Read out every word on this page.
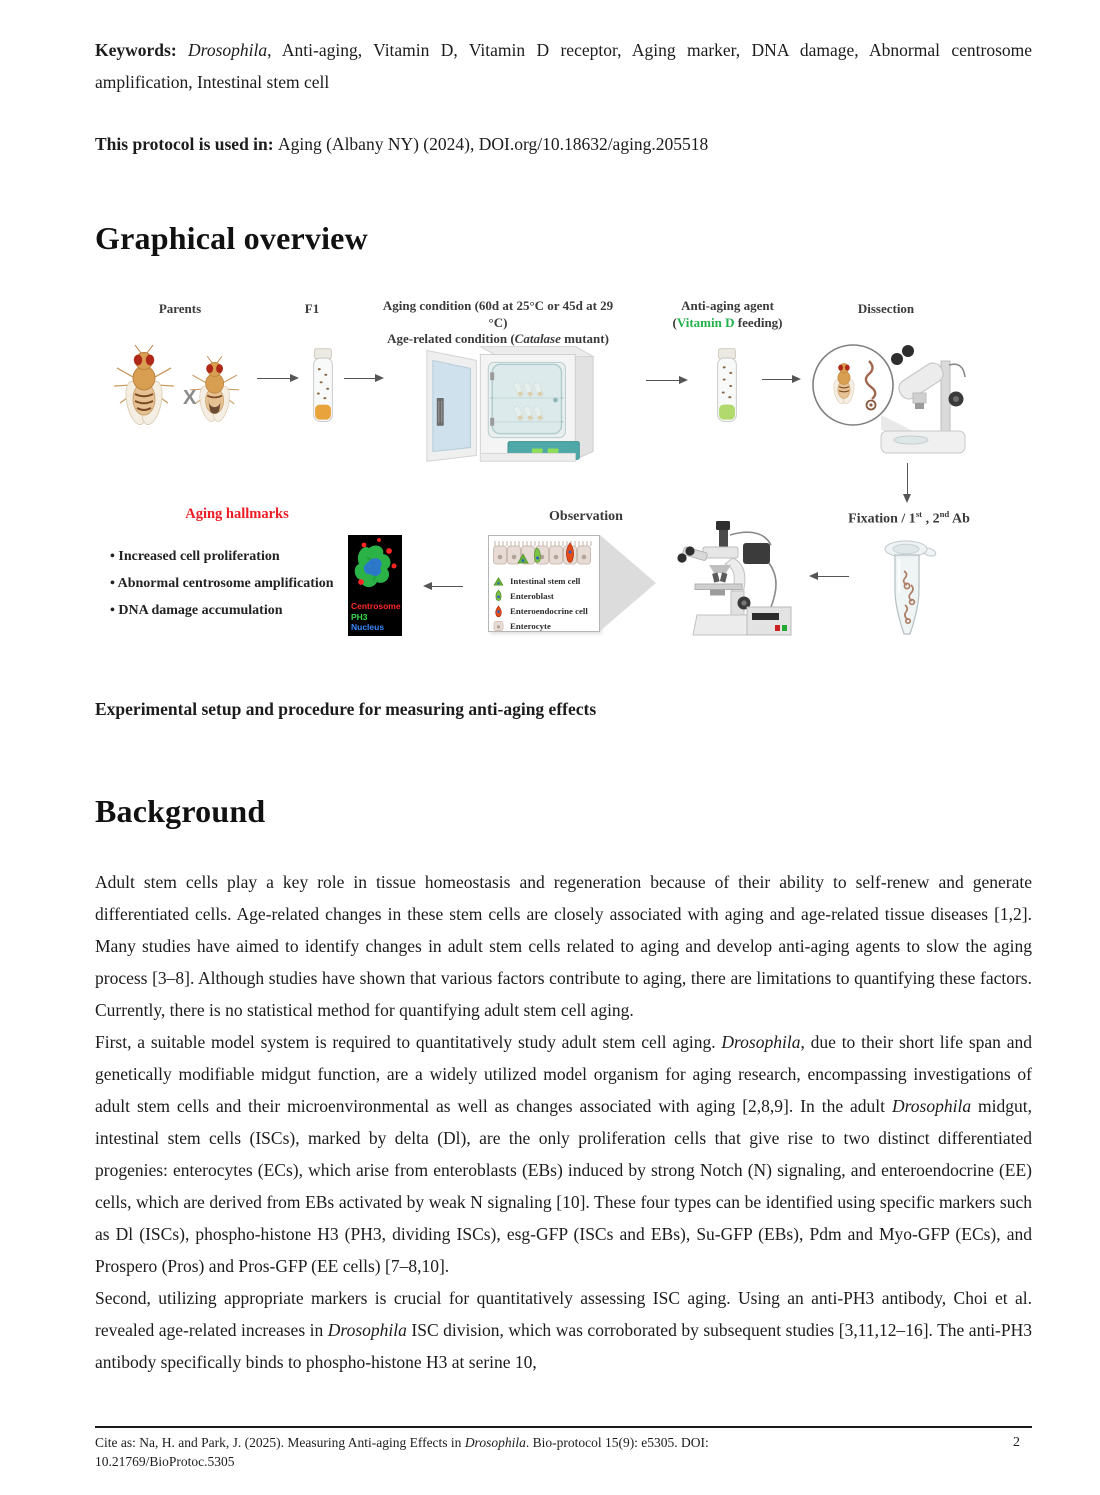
Keywords: Drosophila, Anti-aging, Vitamin D, Vitamin D receptor, Aging marker, DNA damage, Abnormal centrosome amplification, Intestinal stem cell

This protocol is used in: Aging (Albany NY) (2024), DOI.org/10.18632/aging.205518

Graphical overview
Parents	F1	Aging condition (60d at 25°C or 45d at 29 °C)
Age-related condition (Catalase mutant)
Anti-aging agent
(Vitamin D feeding)
Dissection
X
Aging hallmarks	Observation	Fixation / 1st , 2nd Ab
• Increased cell proliferation
• Abnormal centrosome amplification
• DNA damage accumulation	Centrosome
PH3
Nucleus
Intestinal stem cell
Enteroblast
Enteroendocrine cell
Enterocyte

Experimental setup and procedure for measuring anti-aging effects

Background

Adult stem cells play a key role in tissue homeostasis and regeneration because of their ability to self-renew and generate differentiated cells. Age-related changes in these stem cells are closely associated with aging and age-related tissue diseases [1,2]. Many studies have aimed to identify changes in adult stem cells related to aging and develop anti-aging agents to slow the aging process [3–8]. Although studies have shown that various factors contribute to aging, there are limitations to quantifying these factors. Currently, there is no statistical method for quantifying adult stem cell aging.

First, a suitable model system is required to quantitatively study adult stem cell aging. Drosophila, due to their short life span and genetically modifiable midgut function, are a widely utilized model organism for aging research, encompassing investigations of adult stem cells and their microenvironmental as well as changes associated with aging [2,8,9]. In the adult Drosophila midgut, intestinal stem cells (ISCs), marked by delta (Dl), are the only proliferation cells that give rise to two distinct differentiated progenies: enterocytes (ECs), which arise from enteroblasts (EBs) induced by strong Notch (N) signaling, and enteroendocrine (EE) cells, which are derived from EBs activated by weak N signaling [10]. These four types can be identified using specific markers such as Dl (ISCs), phospho-histone H3 (PH3, dividing ISCs), esg-GFP (ISCs and EBs), Su-GFP (EBs), Pdm and Myo-GFP (ECs), and Prospero (Pros) and Pros-GFP (EE cells) [7–8,10].

Second, utilizing appropriate markers is crucial for quantitatively assessing ISC aging. Using an anti-PH3 antibody, Choi et al. revealed age-related increases in Drosophila ISC division, which was corroborated by subsequent studies [3,11,12–16]. The anti-PH3 antibody specifically binds to phospho-histone H3 at serine 10,

Cite as: Na, H. and Park, J. (2025). Measuring Anti-aging Effects in Drosophila. Bio-protocol 15(9): e5305. DOI:
10.21769/BioProtoc.5305

2
